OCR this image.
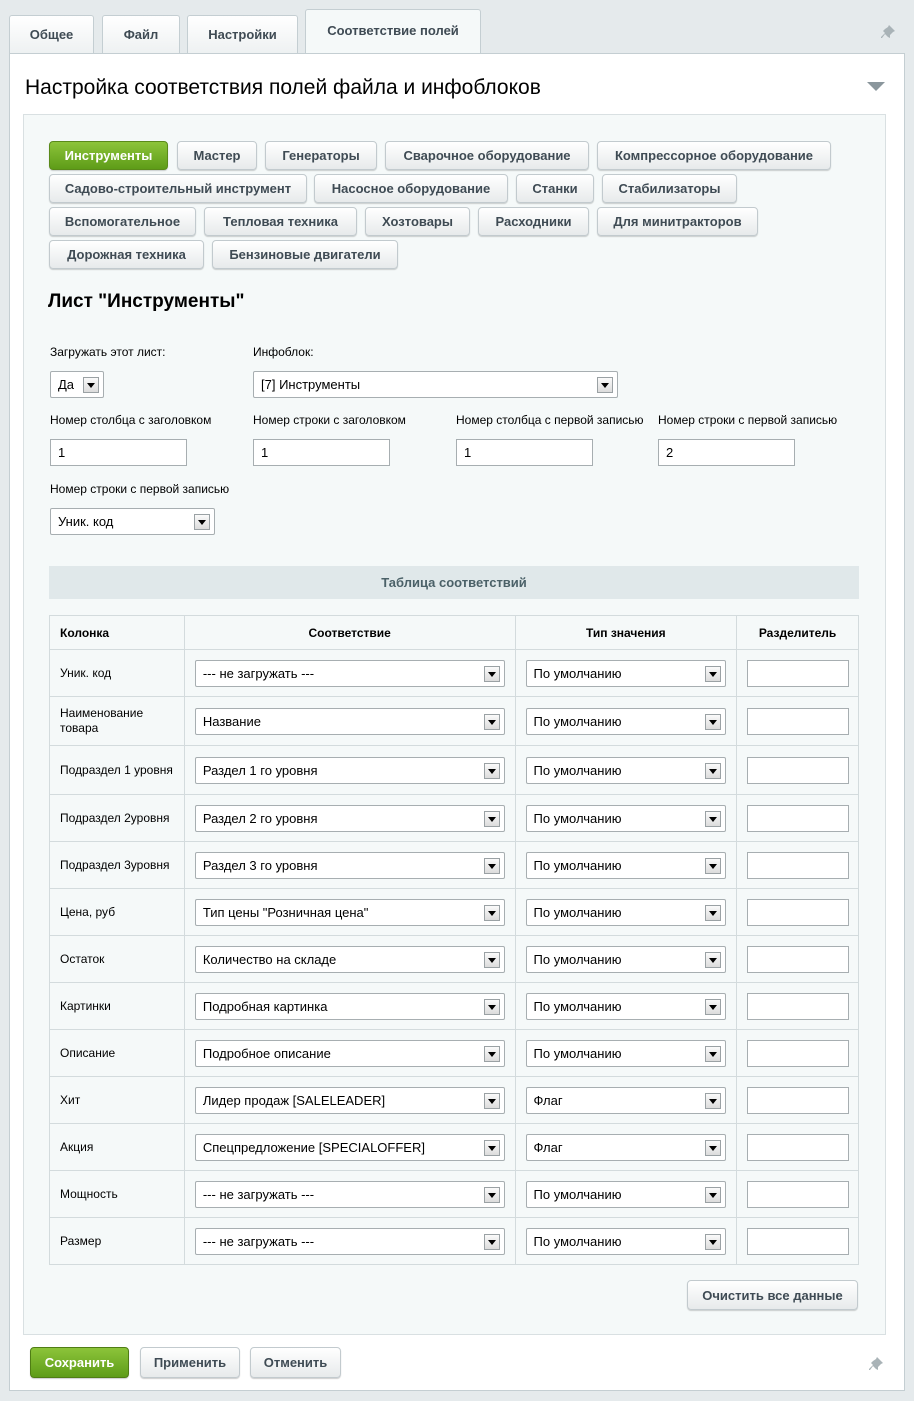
Общее	Файл	Настройки	Соответствие полей
Настройка соответствия полей файла и инфоблоков
Инструменты	Мастер	Генераторы	Сварочное оборудование	Компрессорное оборудование
Садово-строительный инструмент	Насосное оборудование	Станки	Стабилизаторы
Вспомогательное	Тепловая техника	Хозтовары	Расходники	Для минитракторов
Дорожная техника	Бензиновые двигатели
Лист "Инструменты"
Загружать этот лист:
Да
Инфоблок:
[7] Инструменты
Номер столбца с заголовком
1
Номер строки с заголовком
1
Номер столбца с первой записью
1
Номер строки с первой записью
2
Номер строки с первой записью
Уник. код
Таблица соответствий
Колонка	Соответствие	Тип значения	Разделитель
Уник. код	--- не загружать ---	По умолчанию	

Наименование товара	Название	По умолчанию	

Подраздел 1 уровня	Раздел 1 го уровня	По умолчанию	

Подраздел 2уровня	Раздел 2 го уровня	По умолчанию	

Подраздел 3уровня	Раздел 3 го уровня	По умолчанию	

Цена, руб	Тип цены "Розничная цена"	По умолчанию	

Остаток	Количество на складе	По умолчанию	

Картинки	Подробная картинка	По умолчанию	

Описание	Подробное описание	По умолчанию	

Хит	Лидер продаж [SALELEADER]	Флаг	

Акция	Спецпредложение [SPECIALOFFER]	Флаг	

Мощность	--- не загружать ---	По умолчанию	

Размер	--- не загружать ---	По умолчанию	

Очистить все данные
Сохранить	Применить	Отменить
